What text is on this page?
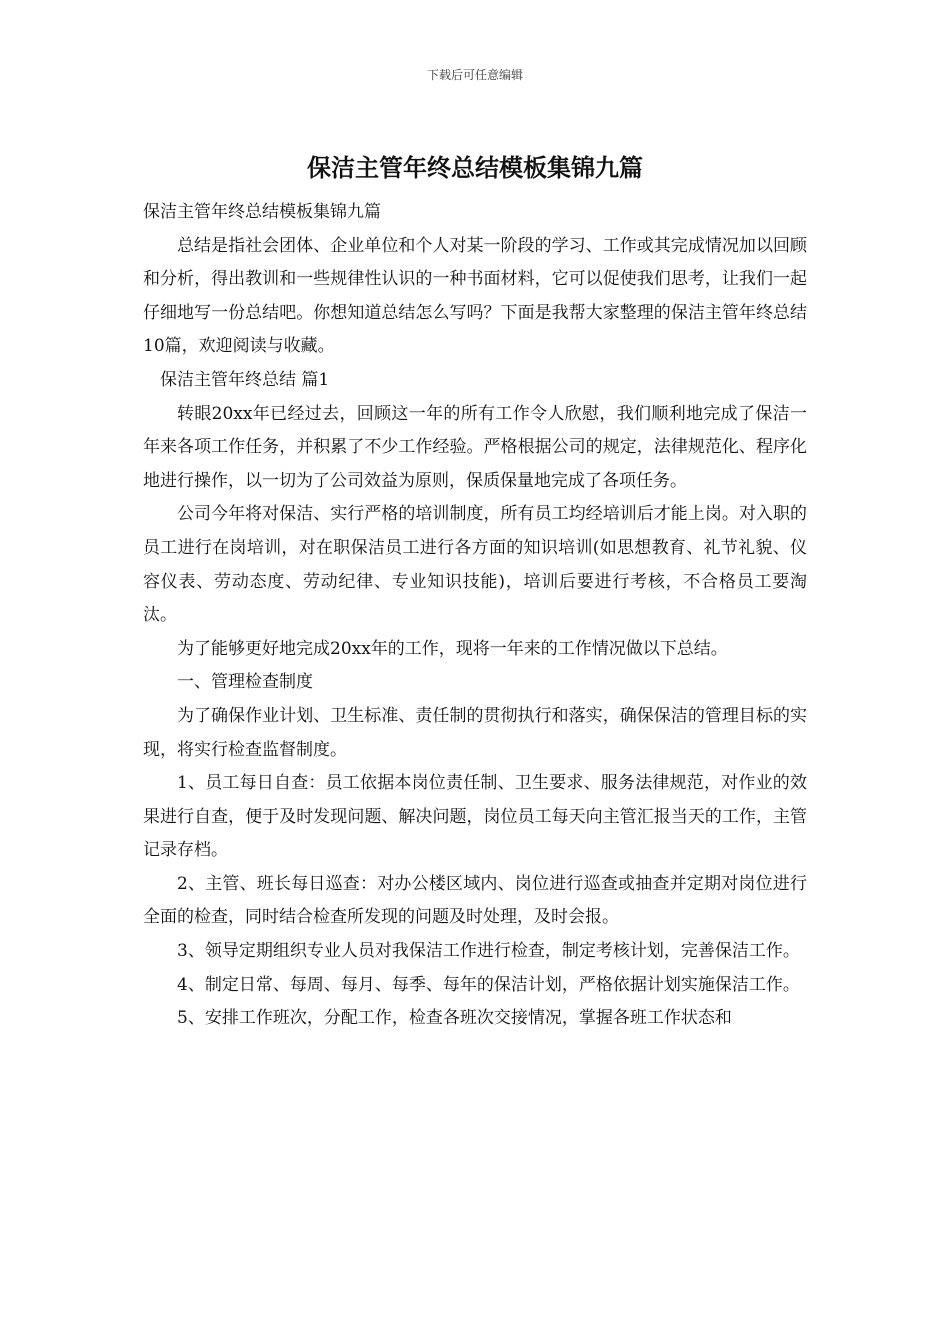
下载后可任意编辑
保洁主管年终总结模板集锦九篇

保洁主管年终总结模板集锦九篇

总结是指社会团体、企业单位和个人对某一阶段的学习、工作或其完成情况加以回顾和分析，得出教训和一些规律性认识的一种书面材料，它可以促使我们思考，让我们一起仔细地写一份总结吧。你想知道总结怎么写吗？下面是我帮大家整理的保洁主管年终总结10篇，欢迎阅读与收藏。

保洁主管年终总结 篇1

转眼20xx年已经过去，回顾这一年的所有工作令人欣慰，我们顺利地完成了保洁一年来各项工作任务，并积累了不少工作经验。严格根据公司的规定，法律规范化、程序化地进行操作，以一切为了公司效益为原则，保质保量地完成了各项任务。

公司今年将对保洁、实行严格的培训制度，所有员工均经培训后才能上岗。对入职的员工进行在岗培训，对在职保洁员工进行各方面的知识培训(如思想教育、礼节礼貌、仪容仪表、劳动态度、劳动纪律、专业知识技能)，培训后要进行考核，不合格员工要淘汰。

为了能够更好地完成20xx年的工作，现将一年来的工作情况做以下总结。

一、管理检查制度

为了确保作业计划、卫生标准、责任制的贯彻执行和落实，确保保洁的管理目标的实现，将实行检查监督制度。

1、员工每日自查：员工依据本岗位责任制、卫生要求、服务法律规范，对作业的效果进行自查，便于及时发现问题、解决问题，岗位员工每天向主管汇报当天的工作，主管记录存档。

2、主管、班长每日巡查：对办公楼区域内、岗位进行巡查或抽查并定期对岗位进行全面的检查，同时结合检查所发现的问题及时处理，及时会报。

3、领导定期组织专业人员对我保洁工作进行检查，制定考核计划，完善保洁工作。

4、制定日常、每周、每月、每季、每年的保洁计划，严格依据计划实施保洁工作。

5、安排工作班次，分配工作，检查各班次交接情况，掌握各班工作状态和
